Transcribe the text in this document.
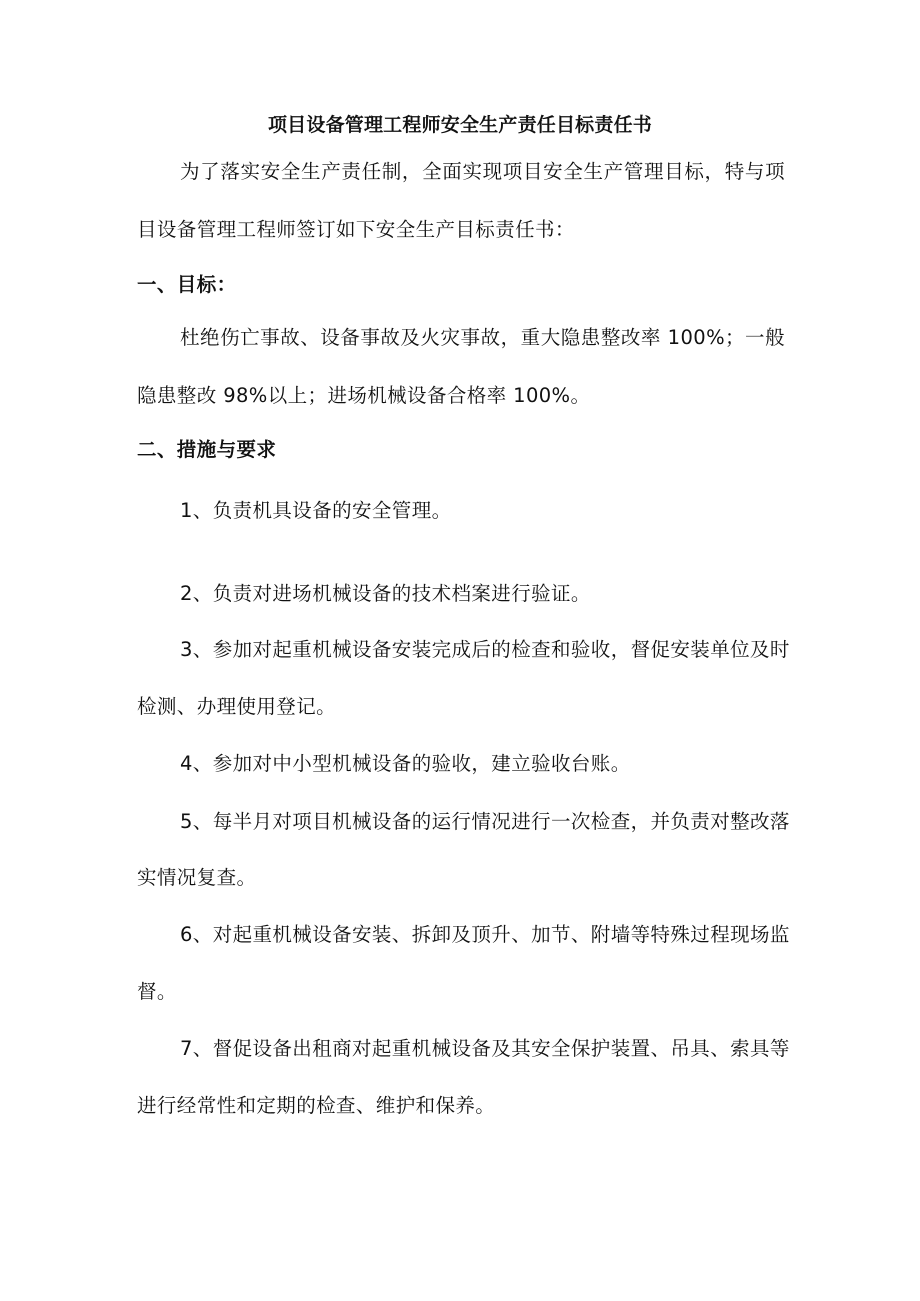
项目设备管理工程师安全生产责任目标责任书
为了落实安全生产责任制，全面实现项目安全生产管理目标，特与项
目设备管理工程师签订如下安全生产目标责任书：
一、目标：
杜绝伤亡事故、设备事故及火灾事故，重大隐患整改率 100%；一般
隐患整改 98%以上；进场机械设备合格率 100%。
二、措施与要求
1、负责机具设备的安全管理。
2、负责对进场机械设备的技术档案进行验证。
3、参加对起重机械设备安装完成后的检查和验收，督促安装单位及时
检测、办理使用登记。
4、参加对中小型机械设备的验收，建立验收台账。
5、每半月对项目机械设备的运行情况进行一次检查，并负责对整改落
实情况复查。
6、对起重机械设备安装、拆卸及顶升、加节、附墙等特殊过程现场监
督。
7、督促设备出租商对起重机械设备及其安全保护装置、吊具、索具等
进行经常性和定期的检查、维护和保养。
